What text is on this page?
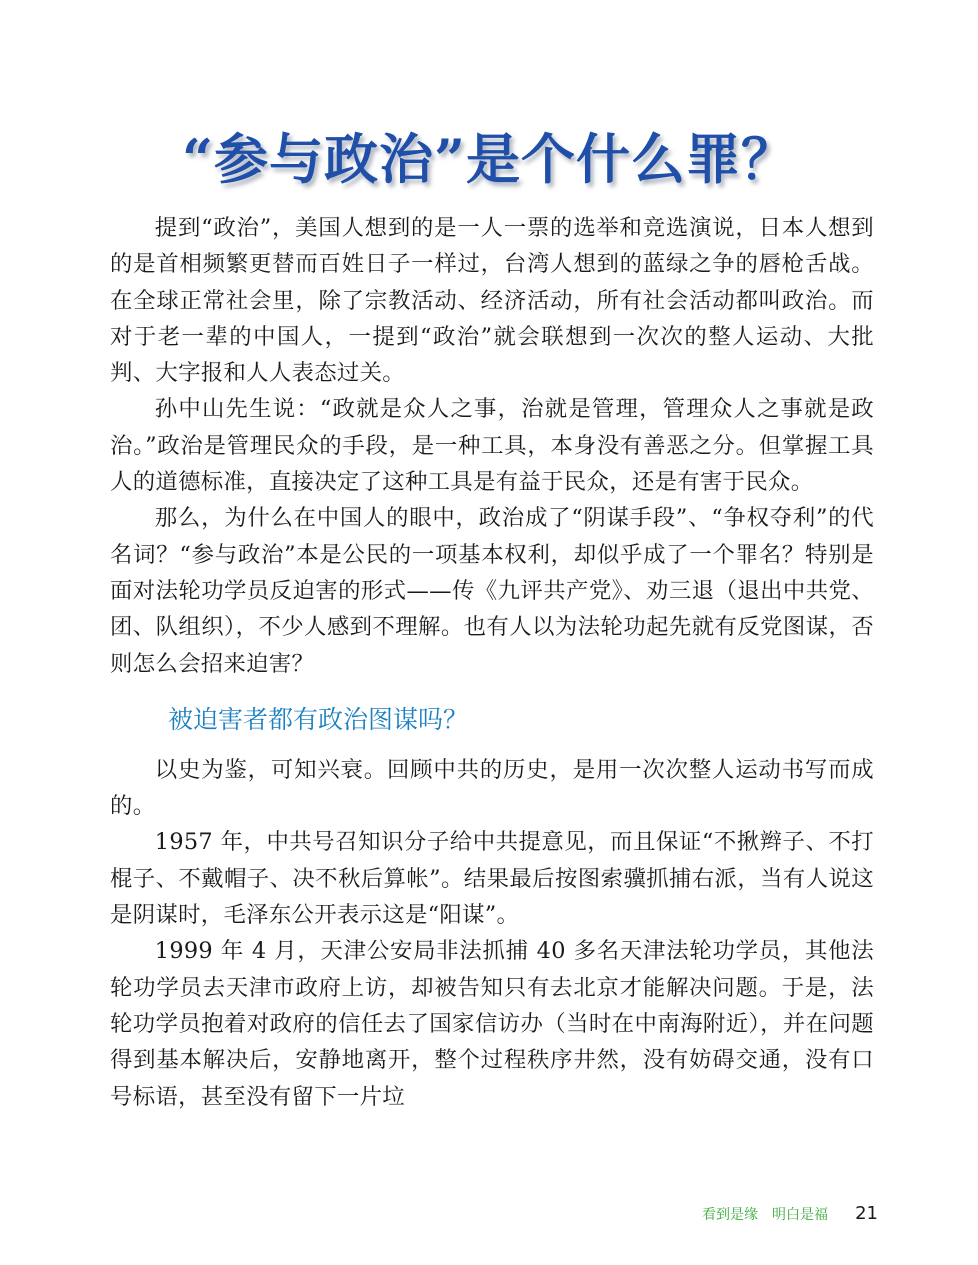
“参与政治”是个什么罪？

提到“政治”，美国人想到的是一人一票的选举和竞选演说，日本人想到的是首相频繁更替而百姓日子一样过，台湾人想到的蓝绿之争的唇枪舌战。在全球正常社会里，除了宗教活动、经济活动，所有社会活动都叫政治。而对于老一辈的中国人，一提到“政治”就会联想到一次次的整人运动、大批判、大字报和人人表态过关。

孙中山先生说：“政就是众人之事，治就是管理，管理众人之事就是政治。”政治是管理民众的手段，是一种工具，本身没有善恶之分。但掌握工具人的道德标准，直接决定了这种工具是有益于民众，还是有害于民众。

那么，为什么在中国人的眼中，政治成了“阴谋手段”、“争权夺利”的代名词？“参与政治”本是公民的一项基本权利，却似乎成了一个罪名？特别是面对法轮功学员反迫害的形式——传《九评共产党》、劝三退（退出中共党、团、队组织），不少人感到不理解。也有人以为法轮功起先就有反党图谋，否则怎么会招来迫害？

被迫害者都有政治图谋吗？

以史为鉴，可知兴衰。回顾中共的历史，是用一次次整人运动书写而成的。

1957 年，中共号召知识分子给中共提意见，而且保证“不揪辫子、不打棍子、不戴帽子、决不秋后算帐”。结果最后按图索骥抓捕右派，当有人说这是阴谋时，毛泽东公开表示这是“阳谋”。

1999 年 4 月，天津公安局非法抓捕 40 多名天津法轮功学员，其他法轮功学员去天津市政府上访，却被告知只有去北京才能解决问题。于是，法轮功学员抱着对政府的信任去了国家信访办（当时在中南海附近），并在问题得到基本解决后，安静地离开，整个过程秩序井然，没有妨碍交通，没有口号标语，甚至没有留下一片垃

看到是缘　明白是福 21
